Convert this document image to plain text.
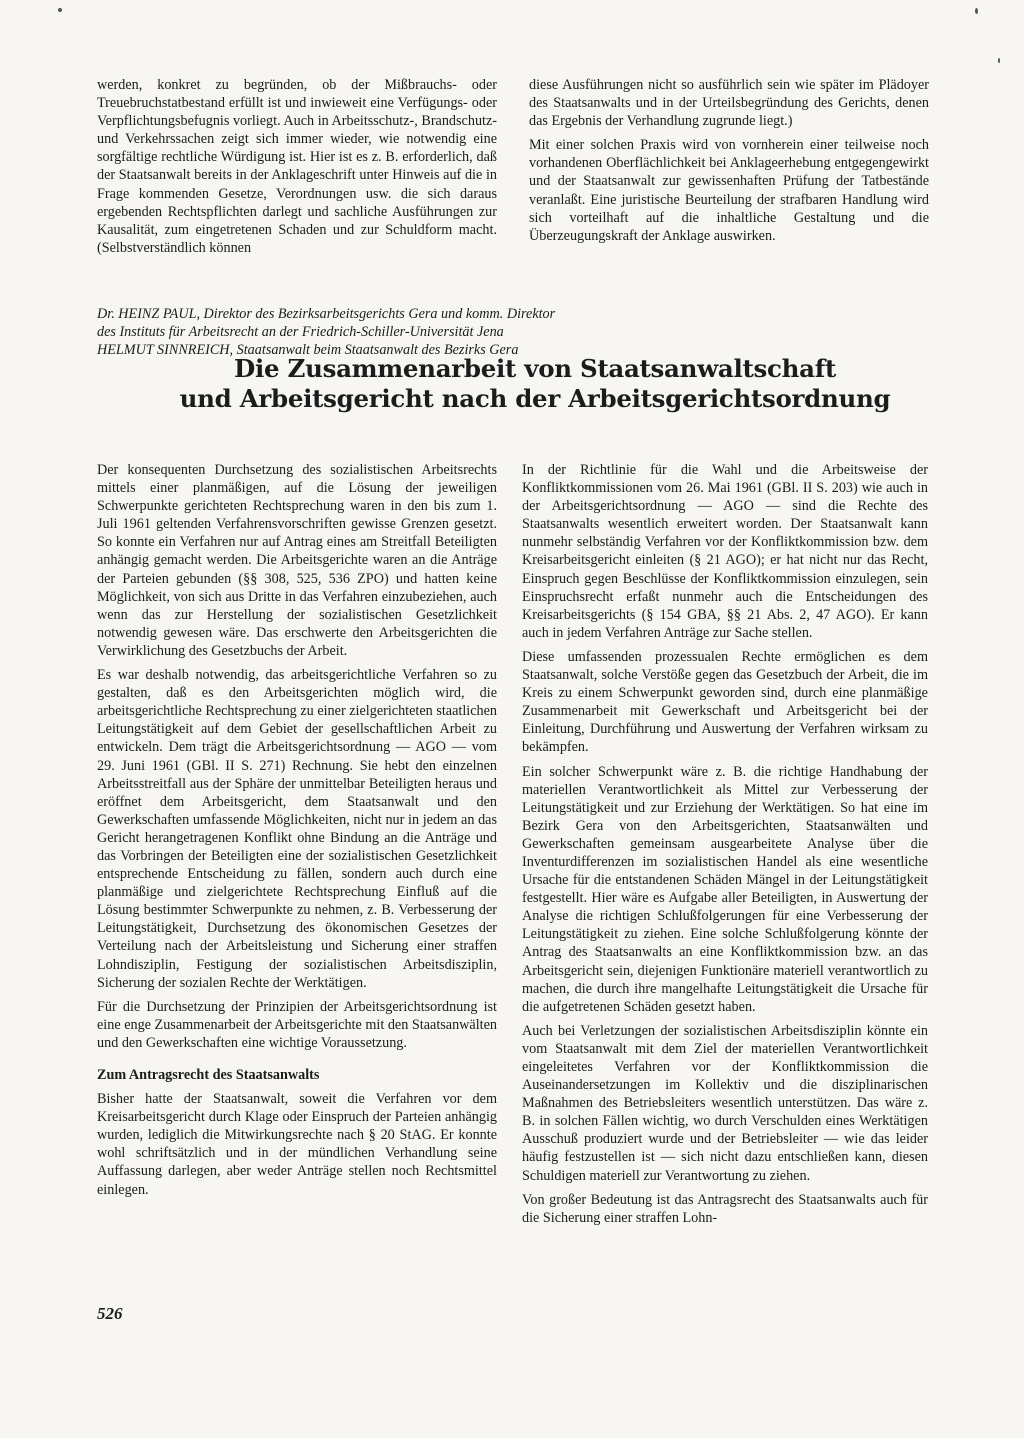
werden, konkret zu begründen, ob der Mißbrauchs- oder Treuebruchstatbestand erfüllt ist und inwieweit eine Verfügungs- oder Verpflichtungsbefugnis vorliegt. Auch in Arbeitsschutz-, Brandschutz- und Verkehrssachen zeigt sich immer wieder, wie notwendig eine sorgfältige rechtliche Würdigung ist. Hier ist es z. B. erforderlich, daß der Staatsanwalt bereits in der Anklageschrift unter Hinweis auf die in Frage kommenden Gesetze, Verordnungen usw. die sich daraus ergebenden Rechtspflichten darlegt und sachliche Ausführungen zur Kausalität, zum eingetretenen Schaden und zur Schuldform macht. (Selbstverständlich können

diese Ausführungen nicht so ausführlich sein wie später im Plädoyer des Staatsanwalts und in der Urteilsbegründung des Gerichts, denen das Ergebnis der Verhandlung zugrunde liegt.)

Mit einer solchen Praxis wird von vornherein einer teilweise noch vorhandenen Oberflächlichkeit bei Anklageerhebung entgegengewirkt und der Staatsanwalt zur gewissenhaften Prüfung der Tatbestände veranlaßt. Eine juristische Beurteilung der strafbaren Handlung wird sich vorteilhaft auf die inhaltliche Gestaltung und die Überzeugungskraft der Anklage auswirken.

Dr. HEINZ PAUL, Direktor des Bezirksarbeitsgerichts Gera und komm. Direktor
des Instituts für Arbeitsrecht an der Friedrich-Schiller-Universität Jena
HELMUT SINNREICH, Staatsanwalt beim Staatsanwalt des Bezirks Gera
Die Zusammenarbeit von Staatsanwaltschaft
und Arbeitsgericht nach der Arbeitsgerichtsordnung

Der konsequenten Durchsetzung des sozialistischen Arbeitsrechts mittels einer planmäßigen, auf die Lösung der jeweiligen Schwerpunkte gerichteten Rechtsprechung waren in den bis zum 1. Juli 1961 geltenden Verfahrensvorschriften gewisse Grenzen gesetzt. So konnte ein Verfahren nur auf Antrag eines am Streitfall Beteiligten anhängig gemacht werden. Die Arbeitsgerichte waren an die Anträge der Parteien gebunden (§§ 308, 525, 536 ZPO) und hatten keine Möglichkeit, von sich aus Dritte in das Verfahren einzubeziehen, auch wenn das zur Herstellung der sozialistischen Gesetzlichkeit notwendig gewesen wäre. Das erschwerte den Arbeitsgerichten die Verwirklichung des Gesetzbuchs der Arbeit.

Es war deshalb notwendig, das arbeitsgerichtliche Verfahren so zu gestalten, daß es den Arbeitsgerichten möglich wird, die arbeitsgerichtliche Rechtsprechung zu einer zielgerichteten staatlichen Leitungstätigkeit auf dem Gebiet der gesellschaftlichen Arbeit zu entwickeln. Dem trägt die Arbeitsgerichtsordnung — AGO — vom 29. Juni 1961 (GBl. II S. 271) Rechnung. Sie hebt den einzelnen Arbeitsstreitfall aus der Sphäre der unmittelbar Beteiligten heraus und eröffnet dem Arbeitsgericht, dem Staatsanwalt und den Gewerkschaften umfassende Möglichkeiten, nicht nur in jedem an das Gericht herangetragenen Konflikt ohne Bindung an die Anträge und das Vorbringen der Beteiligten eine der sozialistischen Gesetzlichkeit entsprechende Entscheidung zu fällen, sondern auch durch eine planmäßige und zielgerichtete Rechtsprechung Einfluß auf die Lösung bestimmter Schwerpunkte zu nehmen, z. B. Verbesserung der Leitungstätigkeit, Durchsetzung des ökonomischen Gesetzes der Verteilung nach der Arbeitsleistung und Sicherung einer straffen Lohndisziplin, Festigung der sozialistischen Arbeitsdisziplin, Sicherung der sozialen Rechte der Werktätigen.

Für die Durchsetzung der Prinzipien der Arbeitsgerichtsordnung ist eine enge Zusammenarbeit der Arbeitsgerichte mit den Staatsanwälten und den Gewerkschaften eine wichtige Voraussetzung.

Zum Antragsrecht des Staatsanwalts

Bisher hatte der Staatsanwalt, soweit die Verfahren vor dem Kreisarbeitsgericht durch Klage oder Einspruch der Parteien anhängig wurden, lediglich die Mitwirkungsrechte nach § 20 StAG. Er konnte wohl schriftsätzlich und in der mündlichen Verhandlung seine Auffassung darlegen, aber weder Anträge stellen noch Rechtsmittel einlegen.

In der Richtlinie für die Wahl und die Arbeitsweise der Konfliktkommissionen vom 26. Mai 1961 (GBl. II S. 203) wie auch in der Arbeitsgerichtsordnung — AGO — sind die Rechte des Staatsanwalts wesentlich erweitert worden. Der Staatsanwalt kann nunmehr selbständig Verfahren vor der Konfliktkommission bzw. dem Kreisarbeitsgericht einleiten (§ 21 AGO); er hat nicht nur das Recht, Einspruch gegen Beschlüsse der Konfliktkommission einzulegen, sein Einspruchsrecht erfaßt nunmehr auch die Entscheidungen des Kreisarbeitsgerichts (§ 154 GBA, §§ 21 Abs. 2, 47 AGO). Er kann auch in jedem Verfahren Anträge zur Sache stellen.

Diese umfassenden prozessualen Rechte ermöglichen es dem Staatsanwalt, solche Verstöße gegen das Gesetzbuch der Arbeit, die im Kreis zu einem Schwerpunkt geworden sind, durch eine planmäßige Zusammenarbeit mit Gewerkschaft und Arbeitsgericht bei der Einleitung, Durchführung und Auswertung der Verfahren wirksam zu bekämpfen.

Ein solcher Schwerpunkt wäre z. B. die richtige Handhabung der materiellen Verantwortlichkeit als Mittel zur Verbesserung der Leitungstätigkeit und zur Erziehung der Werktätigen. So hat eine im Bezirk Gera von den Arbeitsgerichten, Staatsanwälten und Gewerkschaften gemeinsam ausgearbeitete Analyse über die Inventurdifferenzen im sozialistischen Handel als eine wesentliche Ursache für die entstandenen Schäden Mängel in der Leitungstätigkeit festgestellt. Hier wäre es Aufgabe aller Beteiligten, in Auswertung der Analyse die richtigen Schlußfolgerungen für eine Verbesserung der Leitungstätigkeit zu ziehen. Eine solche Schlußfolgerung könnte der Antrag des Staatsanwalts an eine Konfliktkommission bzw. an das Arbeitsgericht sein, diejenigen Funktionäre materiell verantwortlich zu machen, die durch ihre mangelhafte Leitungstätigkeit die Ursache für die aufgetretenen Schäden gesetzt haben.

Auch bei Verletzungen der sozialistischen Arbeitsdisziplin könnte ein vom Staatsanwalt mit dem Ziel der materiellen Verantwortlichkeit eingeleitetes Verfahren vor der Konfliktkommission die Auseinandersetzungen im Kollektiv und die disziplinarischen Maßnahmen des Betriebsleiters wesentlich unterstützen. Das wäre z. B. in solchen Fällen wichtig, wo durch Verschulden eines Werktätigen Ausschuß produziert wurde und der Betriebsleiter — wie das leider häufig festzustellen ist — sich nicht dazu entschließen kann, diesen Schuldigen materiell zur Verantwortung zu ziehen.

Von großer Bedeutung ist das Antragsrecht des Staatsanwalts auch für die Sicherung einer straffen Lohn-

526
